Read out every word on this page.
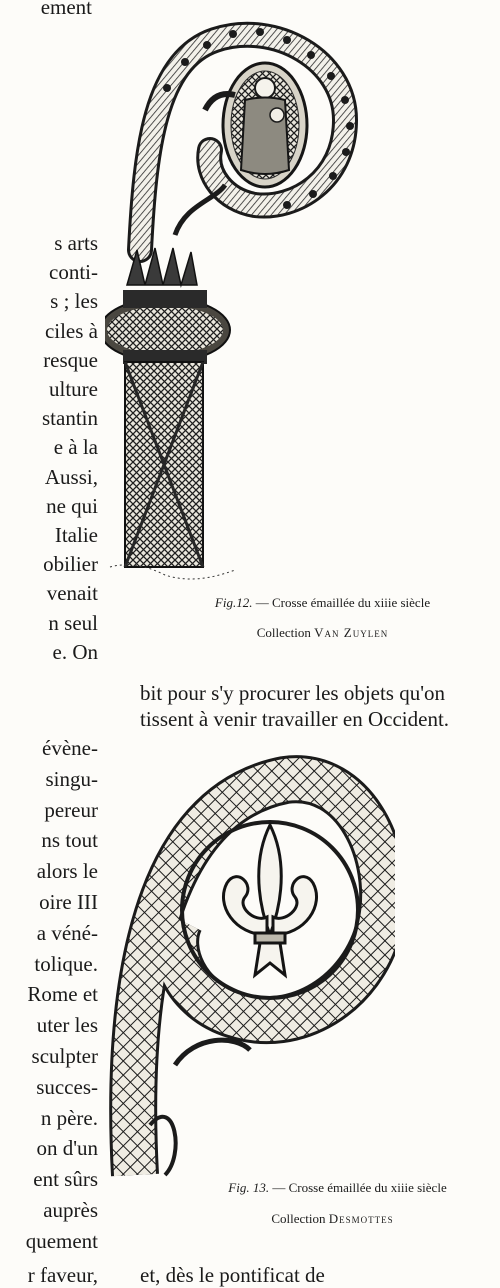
ement
s arts
conti-
s ; les
ciles à
resque
ulture
stantin
e à la
Aussi,
ne qui
Italie
obilier
venait
n seul
e. On
bit pour s'y procurer les objets qu'on
tissent à venir travailler en Occident.
évène-
singu-
pereur
ns tout
alors le
oire III
a véné-
tolique.
Rome et
uter les
sculpter
succes-
n père.
on d'un
ent sûrs
auprès
quement
r faveur, et, dès le pontificat de
Fig.12. — Crosse émaillée du xiiie siècle
Collection Van Zuylen
Fig. 13. — Crosse émaillée du xiiie siècle
Collection Desmottes
